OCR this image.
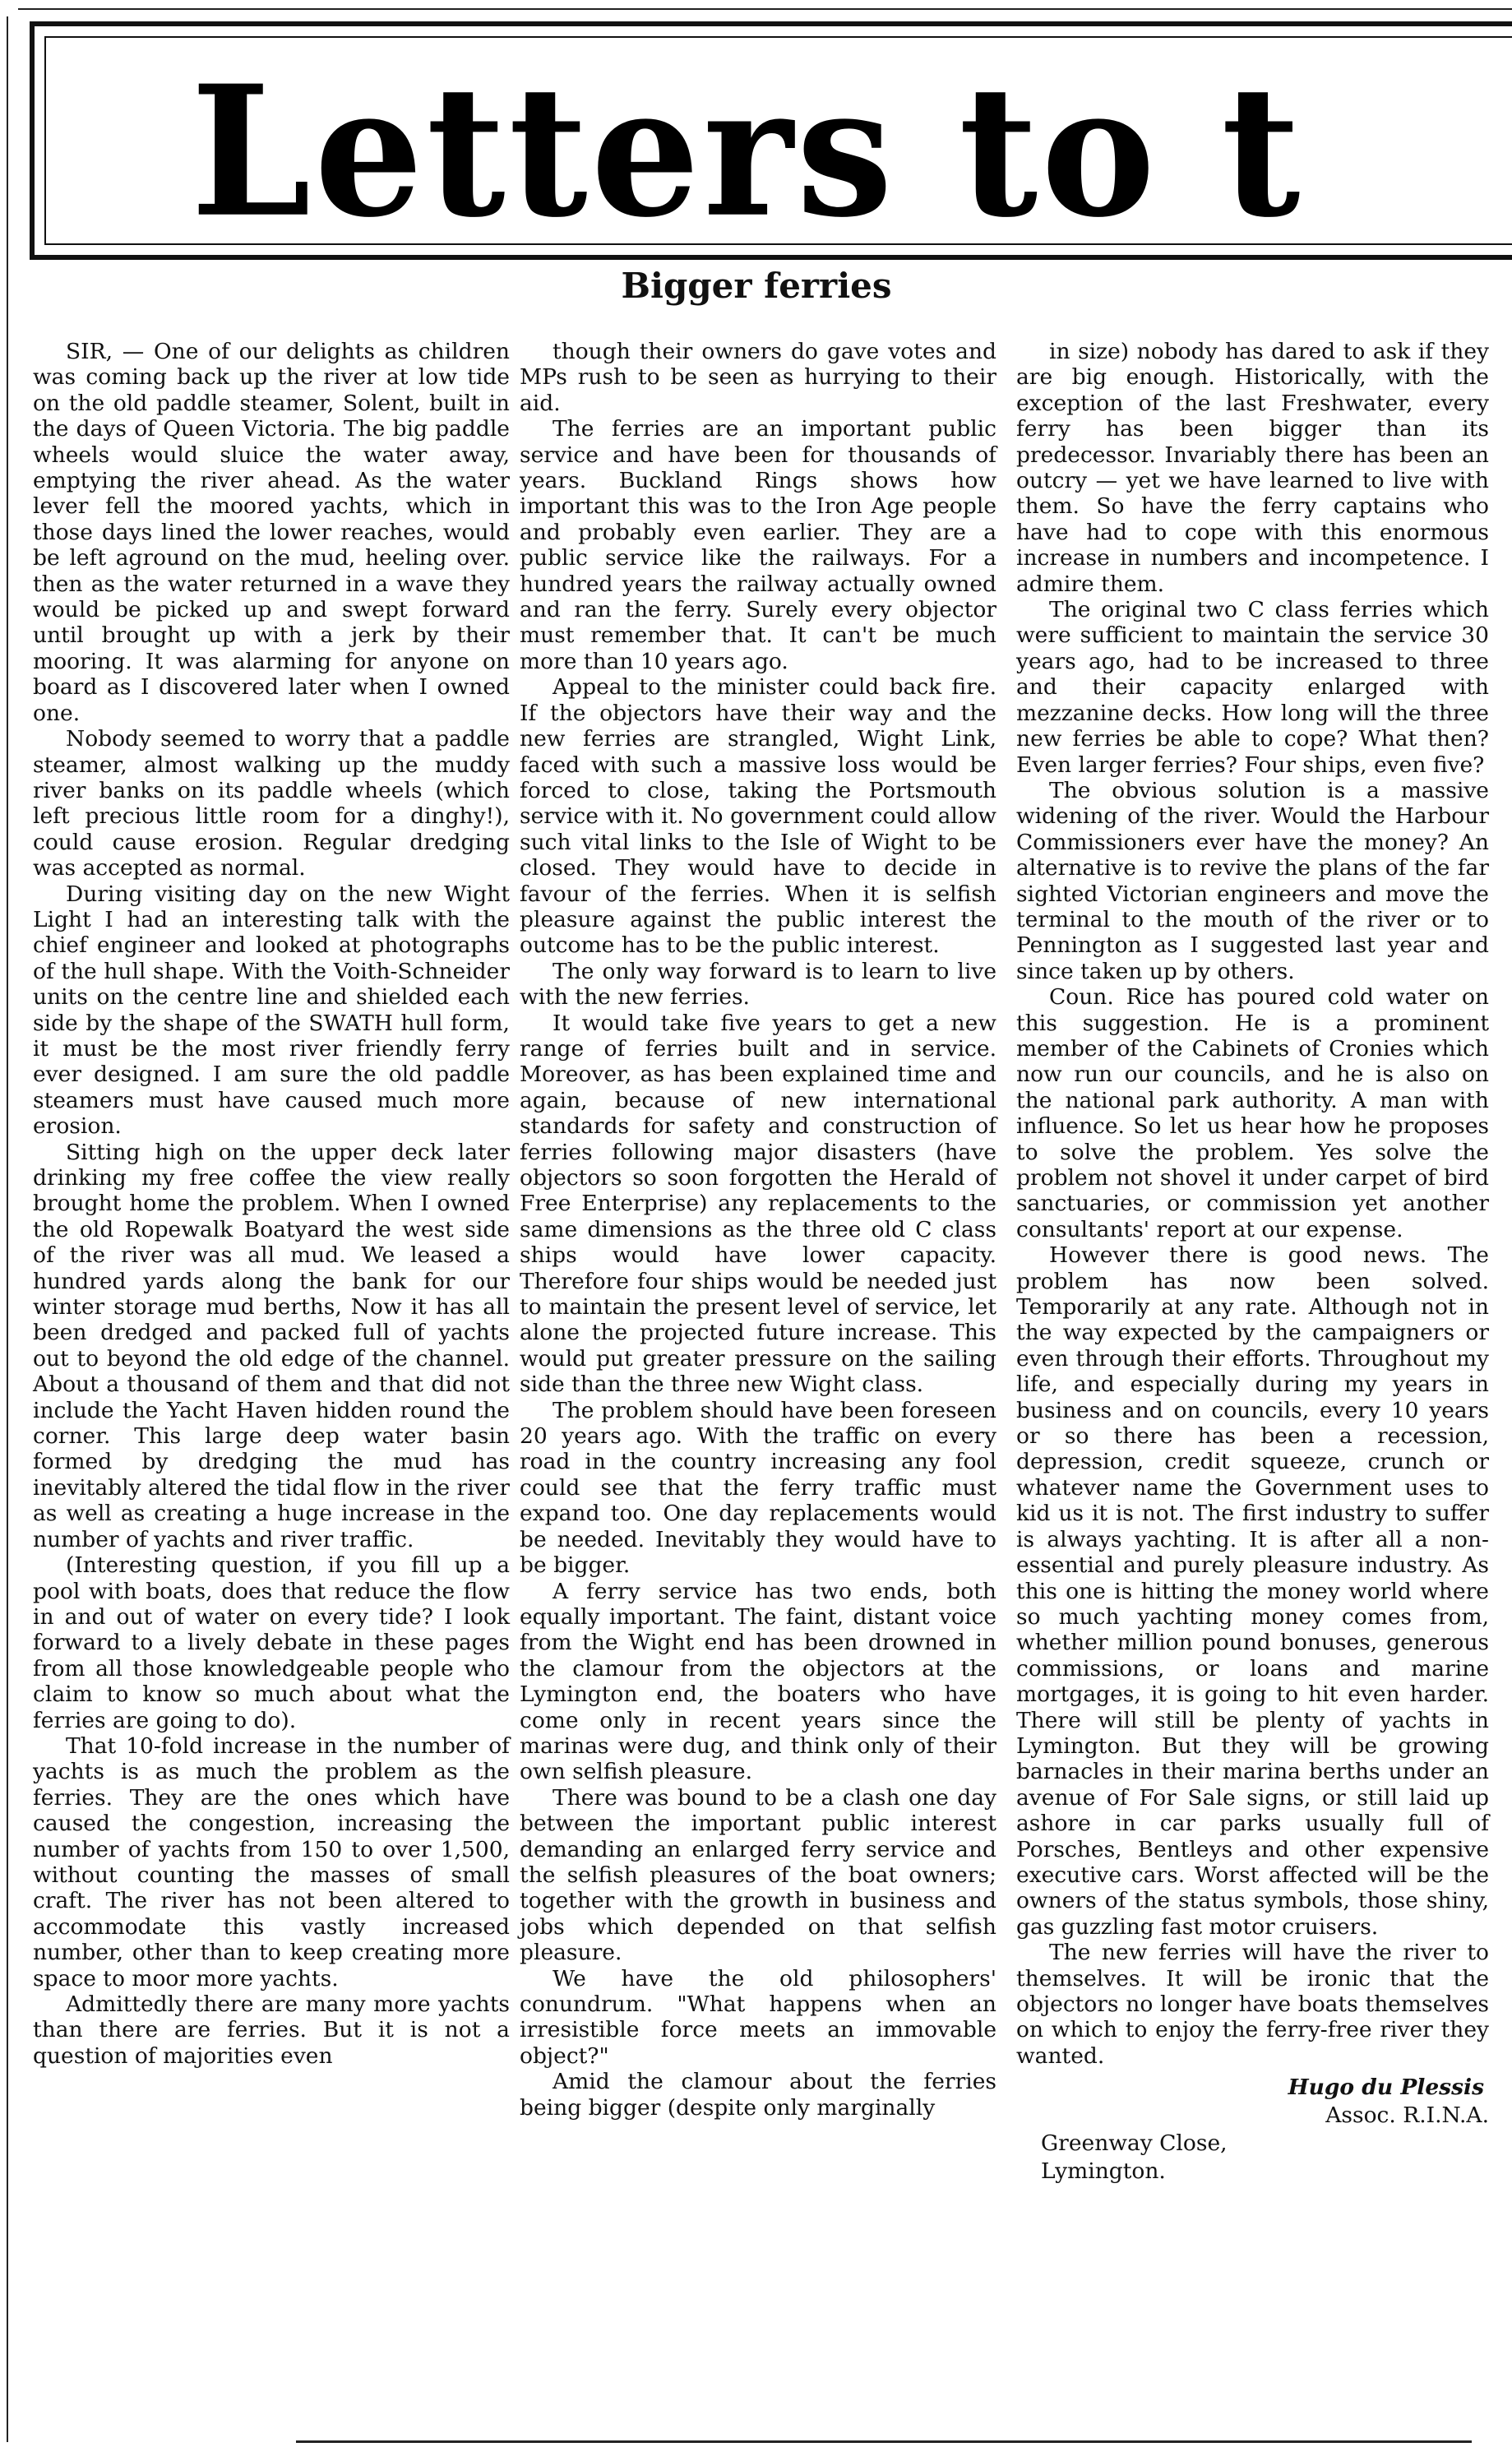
Letters to t
Bigger ferries

SIR, — One of our delights as children was coming back up the river at low tide on the old paddle steamer, Solent, built in the days of Queen Victoria. The big paddle wheels would sluice the water away, emptying the river ahead. As the water lever fell the moored yachts, which in those days lined the lower reaches, would be left aground on the mud, heeling over. then as the water returned in a wave they would be picked up and swept forward until brought up with a jerk by their mooring. It was alarming for anyone on board as I discovered later when I owned one.

Nobody seemed to worry that a paddle steamer, almost walking up the muddy river banks on its paddle wheels (which left precious little room for a dinghy!), could cause erosion. Regular dredging was accepted as normal.

During visiting day on the new Wight Light I had an interesting talk with the chief engineer and looked at photographs of the hull shape. With the Voith-Schneider units on the centre line and shielded each side by the shape of the SWATH hull form, it must be the most river friendly ferry ever designed. I am sure the old paddle steamers must have caused much more erosion.

Sitting high on the upper deck later drinking my free coffee the view really brought home the problem. When I owned the old Ropewalk Boatyard the west side of the river was all mud. We leased a hundred yards along the bank for our winter storage mud berths, Now it has all been dredged and packed full of yachts out to beyond the old edge of the channel. About a thousand of them and that did not include the Yacht Haven hidden round the corner. This large deep water basin formed by dredging the mud has inevitably altered the tidal flow in the river as well as creating a huge increase in the number of yachts and river traffic.

(Interesting question, if you fill up a pool with boats, does that reduce the flow in and out of water on every tide? I look forward to a lively debate in these pages from all those knowledgeable people who claim to know so much about what the ferries are going to do).

That 10-fold increase in the number of yachts is as much the problem as the ferries. They are the ones which have caused the congestion, increasing the number of yachts from 150 to over 1,500, without counting the masses of small craft. The river has not been altered to accommodate this vastly increased number, other than to keep creating more space to moor more yachts.

Admittedly there are many more yachts than there are ferries. But it is not a question of majorities even

though their owners do gave votes and MPs rush to be seen as hurrying to their aid.

The ferries are an important public service and have been for thousands of years. Buckland Rings shows how important this was to the Iron Age people and probably even earlier. They are a public service like the railways. For a hundred years the railway actually owned and ran the ferry. Surely every objector must remember that. It can't be much more than 10 years ago.

Appeal to the minister could back fire. If the objectors have their way and the new ferries are strangled, Wight Link, faced with such a massive loss would be forced to close, taking the Portsmouth service with it. No government could allow such vital links to the Isle of Wight to be closed. They would have to decide in favour of the ferries. When it is selfish pleasure against the public interest the outcome has to be the public interest.

The only way forward is to learn to live with the new ferries.

It would take five years to get a new range of ferries built and in service. Moreover, as has been explained time and again, because of new international standards for safety and construction of ferries following major disasters (have objectors so soon forgotten the Herald of Free Enterprise) any replacements to the same dimensions as the three old C class ships would have lower capacity. Therefore four ships would be needed just to maintain the present level of service, let alone the projected future increase. This would put greater pressure on the sailing side than the three new Wight class.

The problem should have been foreseen 20 years ago. With the traffic on every road in the country increasing any fool could see that the ferry traffic must expand too. One day replacements would be needed. Inevitably they would have to be bigger.

A ferry service has two ends, both equally important. The faint, distant voice from the Wight end has been drowned in the clamour from the objectors at the Lymington end, the boaters who have come only in recent years since the marinas were dug, and think only of their own selfish pleasure.

There was bound to be a clash one day between the important public interest demanding an enlarged ferry service and the selfish pleasures of the boat owners; together with the growth in business and jobs which depended on that selfish pleasure.

We have the old philosophers' conundrum. "What happens when an irresistible force meets an immovable object?"

Amid the clamour about the ferries being bigger (despite only marginally

in size) nobody has dared to ask if they are big enough. Historically, with the exception of the last Freshwater, every ferry has been bigger than its predecessor. Invariably there has been an outcry — yet we have learned to live with them. So have the ferry captains who have had to cope with this enormous increase in numbers and incompetence. I admire them.

The original two C class ferries which were sufficient to maintain the service 30 years ago, had to be increased to three and their capacity enlarged with mezzanine decks. How long will the three new ferries be able to cope? What then? Even larger ferries? Four ships, even five?

The obvious solution is a massive widening of the river. Would the Harbour Commissioners ever have the money? An alternative is to revive the plans of the far sighted Victorian engineers and move the terminal to the mouth of the river or to Pennington as I suggested last year and since taken up by others.

Coun. Rice has poured cold water on this suggestion. He is a prominent member of the Cabinets of Cronies which now run our councils, and he is also on the national park authority. A man with influence. So let us hear how he proposes to solve the problem. Yes solve the problem not shovel it under carpet of bird sanctuaries, or commission yet another consultants' report at our expense.

However there is good news. The problem has now been solved. Temporarily at any rate. Although not in the way expected by the campaigners or even through their efforts. Throughout my life, and especially during my years in business and on councils, every 10 years or so there has been a recession, depression, credit squeeze, crunch or whatever name the Government uses to kid us it is not. The first industry to suffer is always yachting. It is after all a non-essential and purely pleasure industry. As this one is hitting the money world where so much yachting money comes from, whether million pound bonuses, generous commissions, or loans and marine mortgages, it is going to hit even harder. There will still be plenty of yachts in Lymington. But they will be growing barnacles in their marina berths under an avenue of For Sale signs, or still laid up ashore in car parks usually full of Porsches, Bentleys and other expensive executive cars. Worst affected will be the owners of the status symbols, those shiny, gas guzzling fast motor cruisers.

The new ferries will have the river to themselves. It will be ironic that the objectors no longer have boats themselves on which to enjoy the ferry-free river they wanted.

Hugo du Plessis
Assoc. R.I.N.A.
Greenway Close,
Lymington.
